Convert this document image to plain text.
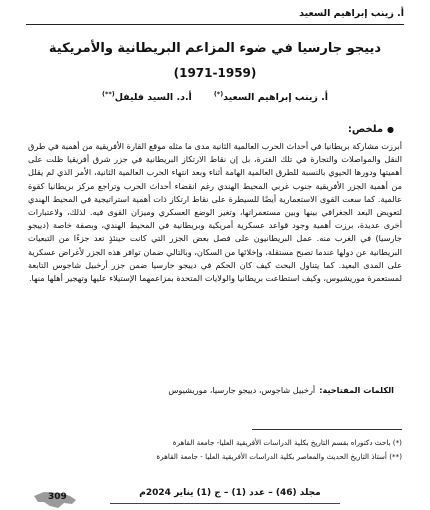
أ. زينب إبراهيم السعيد
دييجو جارسيا في ضوء المزاعم البريطانية والأمريكية
(1971-1959)
أ. زينب إبراهيم السعيد(*)
أ.د. السيد فليفل(**)
●ملخص:

أبرزت مشاركة بريطانيا في أحداث الحرب العالمية الثانية مدى ما مثله موقع القارة الأفريقية من أهمية في طرق النقل والمواصلات والتجارة في تلك الفترة، بل إن نقاط الارتكاز البريطانية في جزر شرق أفريقيا ظلت على أهميتها ودورها الحيوي بالنسبة للطرق العالمية الهامة أثناء وبعد انتهاء الحرب العالمية الثانية، الأمر الذي لم يقلل من أهمية الجزر الأفريقية جنوب غربي المحيط الهندي رغم انقضاء أحداث الحرب وتراجع مركز بريطانيا كقوة عالمية. كما سعت القوى الاستعمارية أيضًا للسيطرة على نقاط ارتكاز ذات أهمية استراتيجية في المحيط الهندي لتعويض البعد الجغرافي بينها وبين مستعمراتها، وتغير الوضع العسكري وميزان القوى فيه. لذلك، ولاعتبارات أخرى عديدة، برزت أهمية وجود قواعد عسكرية أمريكية وبريطانية في المحيط الهندي، وبصفة خاصة (دييجو جارسيا) في الغرب منه. عمل البريطانيون على فصل بعض الجزر التي كانت حينئذٍ تعد جزءًا من التبعيات البريطانية عن دولها عندما تصبح مستقلة، وإخلائها من السكان، وبالتالي ضمان توافر هذه الجزر لأغراض عسكرية على المدى البعيد. كما يتناول البحث كيف كان الحكم في دييجو جارسيا ضمن جزر أرخبيل شاجوس التابعة لمستعمرة موريشيوس، وكيف استطاعت بريطانيا والولايات المتحدة بمزاعمهما الإستيلاء عليها وتهجير أهلها منها.

الكلمات المفتاحية:أرخبيل شاجوس، دييجو جارسيا، موريشيوس
(*) باحث دكتوراه بقسم التاريخ بكلية الدراسات الأفريقية العليا- جامعة القاهرة
(**) أستاذ التاريخ الحديث والمعاصر بكلية الدراسات الأفريقية العليا - جامعة القاهرة
مجلد (46) – عدد (1) – ج (1) يناير 2024م
309
